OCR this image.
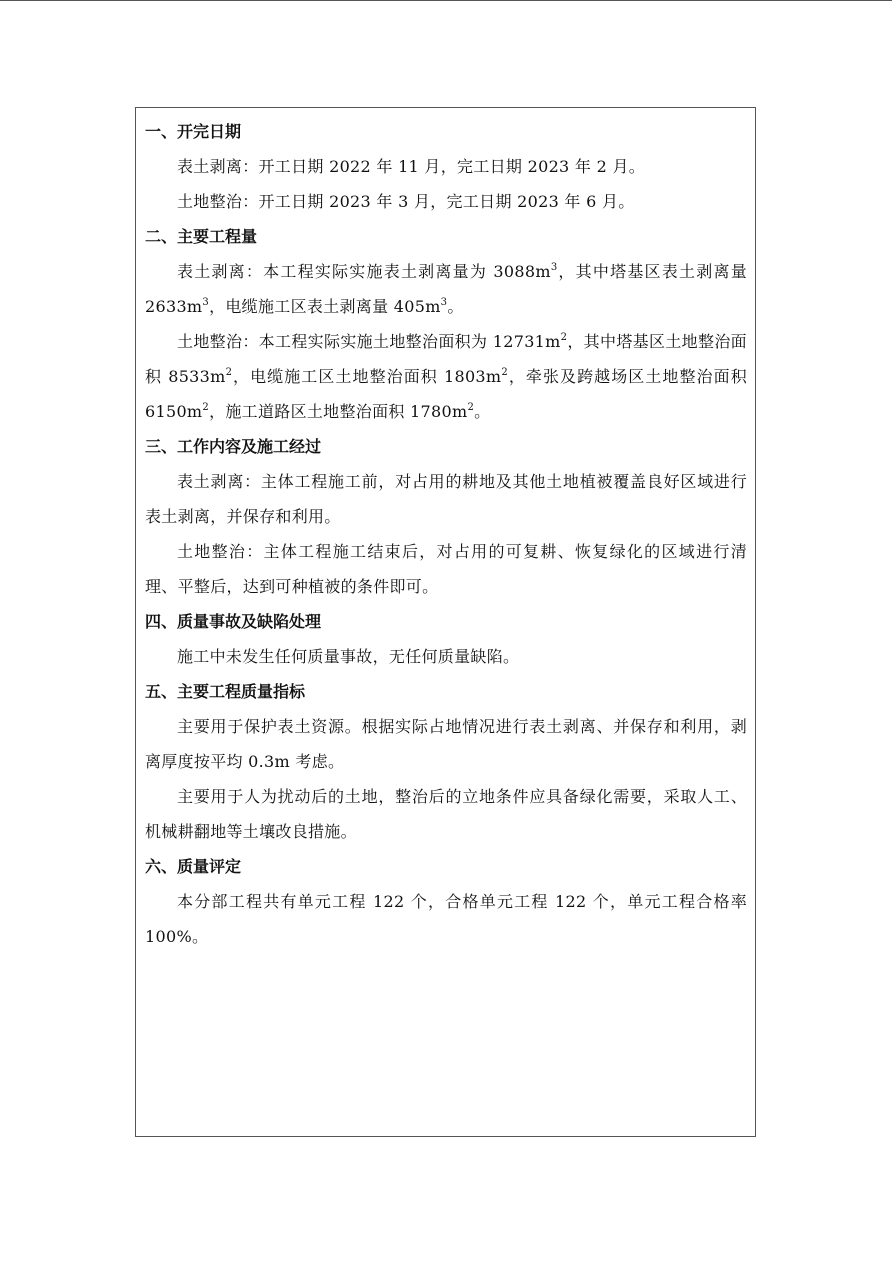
一、开完日期
表土剥离：开工日期 2022 年 11 月，完工日期 2023 年 2 月。
土地整治：开工日期 2023 年 3 月，完工日期 2023 年 6 月。
二、主要工程量
表土剥离：本工程实际实施表土剥离量为 $3088m^3$，其中塔基区表土剥离量 $2633m^3$，电缆施工区表土剥离量 $405m^3$。
土地整治：本工程实际实施土地整治面积为 $12731m^2$，其中塔基区土地整治面积 $8533m^2$，电缆施工区土地整治面积 $1803m^2$，牵张及跨越场区土地整治面积 $6150m^2$，施工道路区土地整治面积 $1780m^2$。
三、工作内容及施工经过
表土剥离：主体工程施工前，对占用的耕地及其他土地植被覆盖良好区域进行表土剥离，并保存和利用。
土地整治：主体工程施工结束后，对占用的可复耕、恢复绿化的区域进行清理、平整后，达到可种植被的条件即可。
四、质量事故及缺陷处理
施工中未发生任何质量事故，无任何质量缺陷。
五、主要工程质量指标
主要用于保护表土资源。根据实际占地情况进行表土剥离、并保存和利用，剥离厚度按平均 0.3m 考虑。
主要用于人为扰动后的土地，整治后的立地条件应具备绿化需要，采取人工、机械耕翻地等土壤改良措施。
六、质量评定
本分部工程共有单元工程 122 个，合格单元工程 122 个，单元工程合格率 100%。
